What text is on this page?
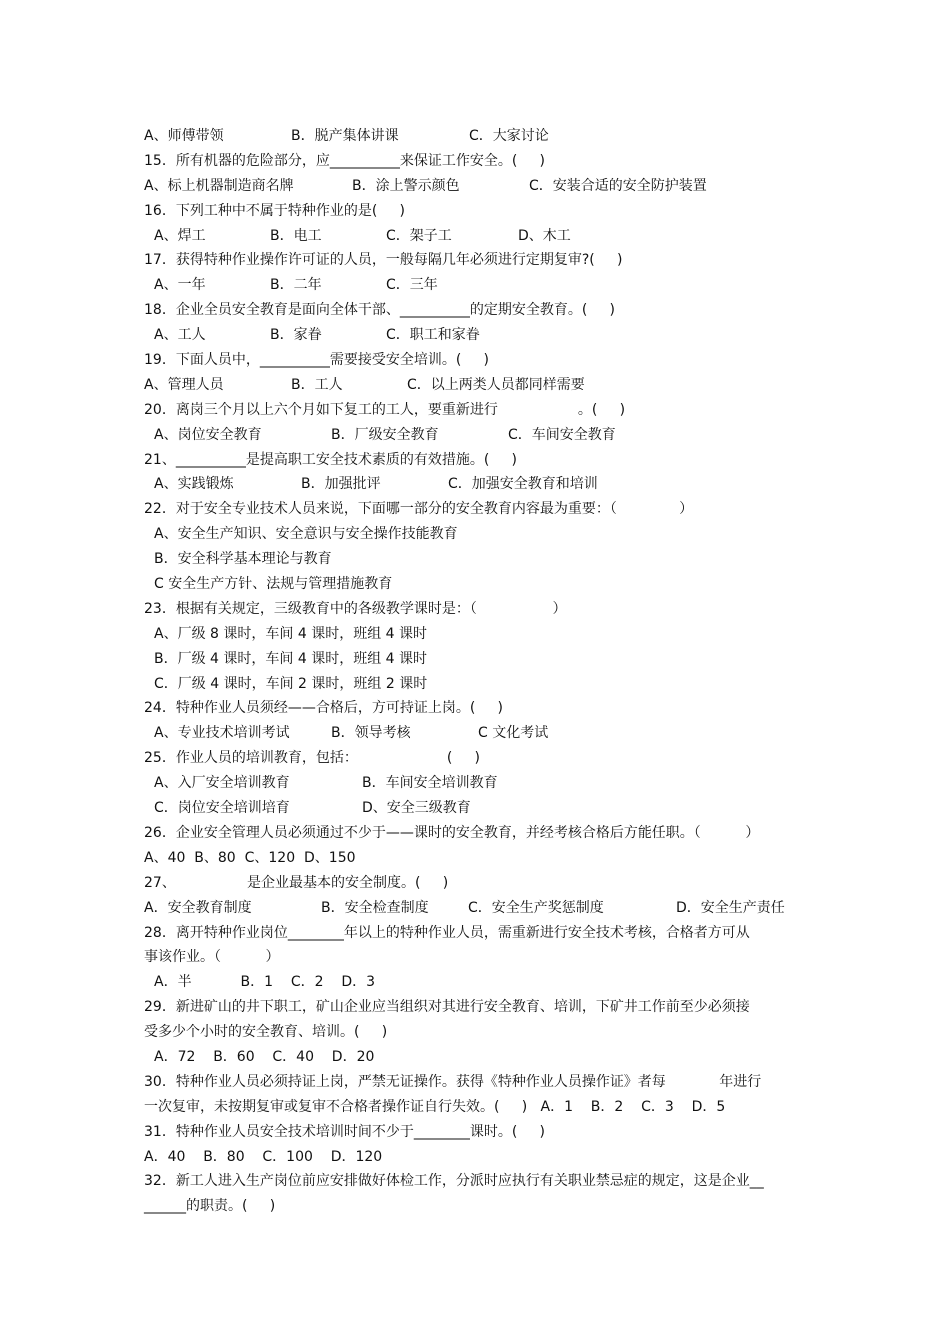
A、师傅带领	B．脱产集体讲课	C．大家讨论
15．所有机器的危险部分，应__________来保证工作安全。(     )
A、标上机器制造商名牌	B．涂上警示颜色	C．安装合适的安全防护装置
16．下列工种中不属于特种作业的是(     )
A、焊工	B．电工	C．架子工	D、木工
17．获得特种作业操作许可证的人员，一般每隔几年必须进行定期复审?(     )
A、一年	B．二年	C．三年
18．企业全员安全教育是面向全体干部、__________的定期安全教育。(     )
A、工人	B．家眷	C．职工和家眷
19．下面人员中，__________需要接受安全培训。(     )
A、管理人员	B．工人	C．以上两类人员都同样需要
20．离岗三个月以上六个月如下复工的工人，要重新进行                  。(     )
A、岗位安全教育	B．厂级安全教育	C．车间安全教育
21、__________是提高职工安全技术素质的有效措施。(     )
A、实践锻炼	B．加强批评	C．加强安全教育和培训
22．对于安全专业技术人员来说，下面哪一部分的安全教育内容最为重要：（              ）
A、安全生产知识、安全意识与安全操作技能教育
B．安全科学基本理论与教育
C 安全生产方针、法规与管理措施教育
23．根据有关规定，三级教育中的各级教学课时是：（                 ）
A、厂级 8 课时，车间 4 课时，班组 4 课时
B．厂级 4 课时，车间 4 课时，班组 4 课时
C．厂级 4 课时，车间 2 课时，班组 2 课时
24．特种作业人员须经——合格后，方可持证上岗。(     )
A、专业技术培训考试	B．领导考核	C 文化考试
25．作业人员的培训教育，包括：                    (     )
A、入厂安全培训教育	B．车间安全培训教育
C．岗位安全培训培育	D、安全三级教育
26．企业安全管理人员必须通过不少于——课时的安全教育，并经考核合格后方能任职。（          ）
A、40  B、80  C、120  D、150
27、                是企业最基本的安全制度。(     )
A．安全教育制度	B．安全检查制度	C．安全生产奖惩制度	D．安全生产责任
28．离开特种作业岗位________年以上的特种作业人员，需重新进行安全技术考核，合格者方可从
事该作业。（          ）
A．半           B．1    C．2    D．3
29．新进矿山的井下职工，矿山企业应当组织对其进行安全教育、培训，下矿井工作前至少必须接
受多少个小时的安全教育、培训。(     )
A．72    B．60    C．40    D．20
30．特种作业人员必须持证上岗，严禁无证操作。获得《特种作业人员操作证》者每            年进行
一次复审，未按期复审或复审不合格者操作证自行失效。(     )   A．1    B．2    C．3    D．5
31．特种作业人员安全技术培训时间不少于________课时。(     )
A．40    B．80    C．100    D．120
32．新工人进入生产岗位前应安排做好体检工作，分派时应执行有关职业禁忌症的规定，这是企业__
______的职责。(     )
